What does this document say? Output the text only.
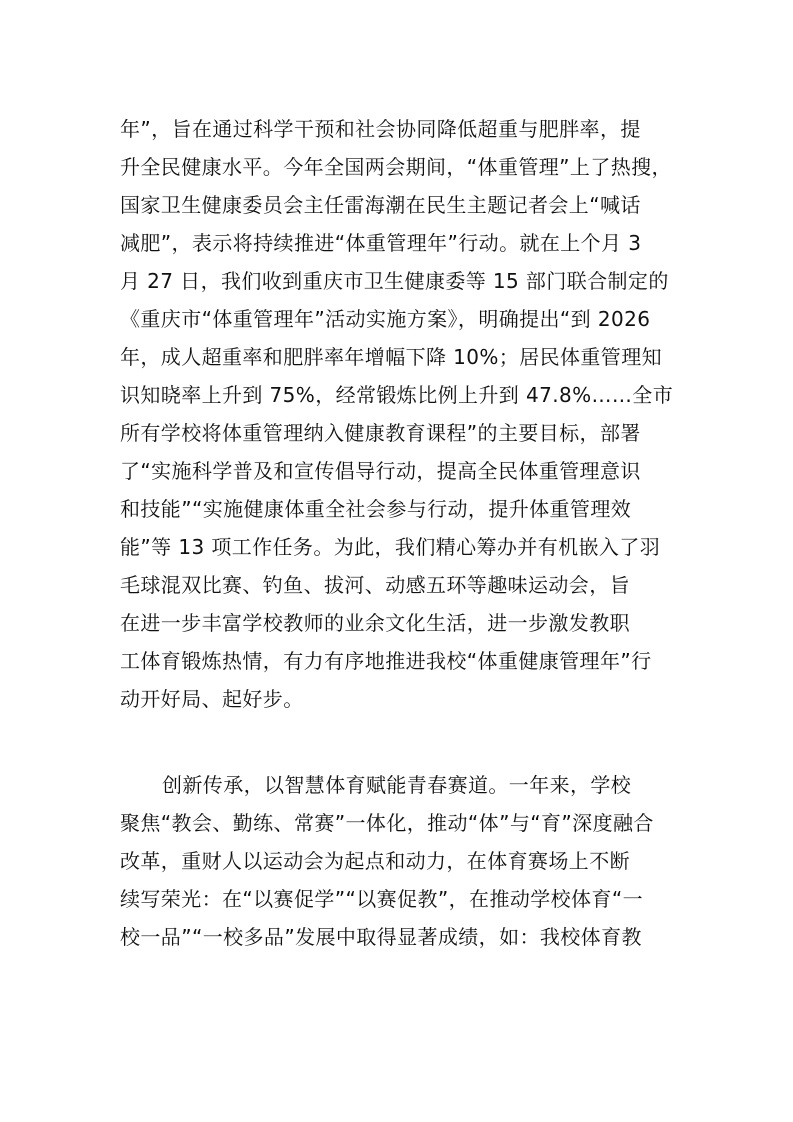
年”，旨在通过科学干预和社会协同降低超重与肥胖率，提
升全民健康水平。今年全国两会期间，“体重管理”上了热搜，
国家卫生健康委员会主任雷海潮在民生主题记者会上“喊话
减肥”，表示将持续推进“体重管理年”行动。就在上个月 3
月 27 日，我们收到重庆市卫生健康委等 15 部门联合制定的
《重庆市“体重管理年”活动实施方案》，明确提出“到 2026
年，成人超重率和肥胖率年增幅下降 10%；居民体重管理知
识知晓率上升到 75%，经常锻炼比例上升到 47.8%……全市
所有学校将体重管理纳入健康教育课程”的主要目标，部署
了“实施科学普及和宣传倡导行动，提高全民体重管理意识
和技能”“实施健康体重全社会参与行动，提升体重管理效
能”等 13 项工作任务。为此，我们精心筹办并有机嵌入了羽
毛球混双比赛、钓鱼、拔河、动感五环等趣味运动会，旨
在进一步丰富学校教师的业余文化生活，进一步激发教职
工体育锻炼热情，有力有序地推进我校“体重健康管理年”行
动开好局、起好步。
创新传承，以智慧体育赋能青春赛道。一年来，学校
聚焦“教会、勤练、常赛”一体化，推动“体”与“育”深度融合
改革，重财人以运动会为起点和动力，在体育赛场上不断
续写荣光：在“以赛促学”“以赛促教”，在推动学校体育“一
校一品”“一校多品”发展中取得显著成绩，如：我校体育教
